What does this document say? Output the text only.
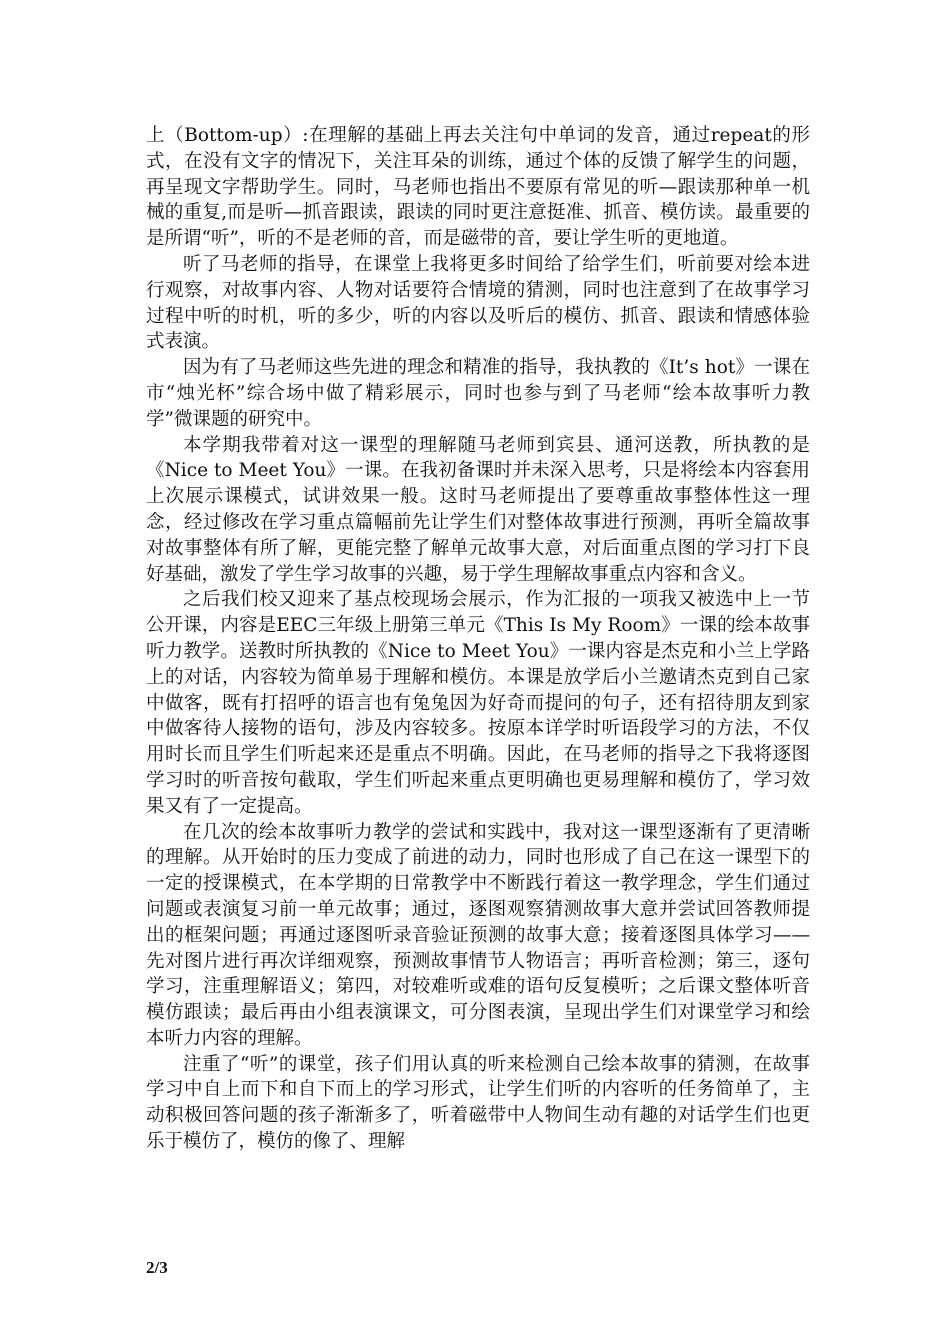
上（Bottom-up）:在理解的基础上再去关注句中单词的发音，通过repeat的形式，在没有文字的情况下，关注耳朵的训练，通过个体的反馈了解学生的问题，再呈现文字帮助学生。同时，马老师也指出不要原有常见的听—跟读那种单一机械的重复,而是听—抓音跟读，跟读的同时更注意挺准、抓音、模仿读。最重要的是所谓“听”，听的不是老师的音，而是磁带的音，要让学生听的更地道。

听了马老师的指导，在课堂上我将更多时间给了给学生们，听前要对绘本进行观察，对故事内容、人物对话要符合情境的猜测，同时也注意到了在故事学习过程中听的时机，听的多少，听的内容以及听后的模仿、抓音、跟读和情感体验式表演。

因为有了马老师这些先进的理念和精准的指导，我执教的《It’s hot》一课在市“烛光杯”综合场中做了精彩展示，同时也参与到了马老师“绘本故事听力教学”微课题的研究中。

本学期我带着对这一课型的理解随马老师到宾县、通河送教，所执教的是《Nice to Meet You》一课。在我初备课时并未深入思考，只是将绘本内容套用上次展示课模式，试讲效果一般。这时马老师提出了要尊重故事整体性这一理念，经过修改在学习重点篇幅前先让学生们对整体故事进行预测，再听全篇故事对故事整体有所了解，更能完整了解单元故事大意，对后面重点图的学习打下良好基础，激发了学生学习故事的兴趣，易于学生理解故事重点内容和含义。

之后我们校又迎来了基点校现场会展示，作为汇报的一项我又被选中上一节公开课，内容是EEC三年级上册第三单元《This Is My Room》一课的绘本故事听力教学。送教时所执教的《Nice to Meet You》一课内容是杰克和小兰上学路上的对话，内容较为简单易于理解和模仿。本课是放学后小兰邀请杰克到自己家中做客，既有打招呼的语言也有兔兔因为好奇而提问的句子，还有招待朋友到家中做客待人接物的语句，涉及内容较多。按原本详学时听语段学习的方法，不仅用时长而且学生们听起来还是重点不明确。因此，在马老师的指导之下我将逐图学习时的听音按句截取，学生们听起来重点更明确也更易理解和模仿了，学习效果又有了一定提高。

在几次的绘本故事听力教学的尝试和实践中，我对这一课型逐渐有了更清晰的理解。从开始时的压力变成了前进的动力，同时也形成了自己在这一课型下的一定的授课模式，在本学期的日常教学中不断践行着这一教学理念，学生们通过问题或表演复习前一单元故事；通过，逐图观察猜测故事大意并尝试回答教师提出的框架问题；再通过逐图听录音验证预测的故事大意；接着逐图具体学习——先对图片进行再次详细观察，预测故事情节人物语言；再听音检测；第三，逐句学习，注重理解语义；第四，对较难听或难的语句反复模听；之后课文整体听音模仿跟读；最后再由小组表演课文，可分图表演，呈现出学生们对课堂学习和绘本听力内容的理解。

注重了“听”的课堂，孩子们用认真的听来检测自己绘本故事的猜测，在故事学习中自上而下和自下而上的学习形式，让学生们听的内容听的任务简单了，主动积极回答问题的孩子渐渐多了，听着磁带中人物间生动有趣的对话学生们也更乐于模仿了，模仿的像了、理解

2/3
